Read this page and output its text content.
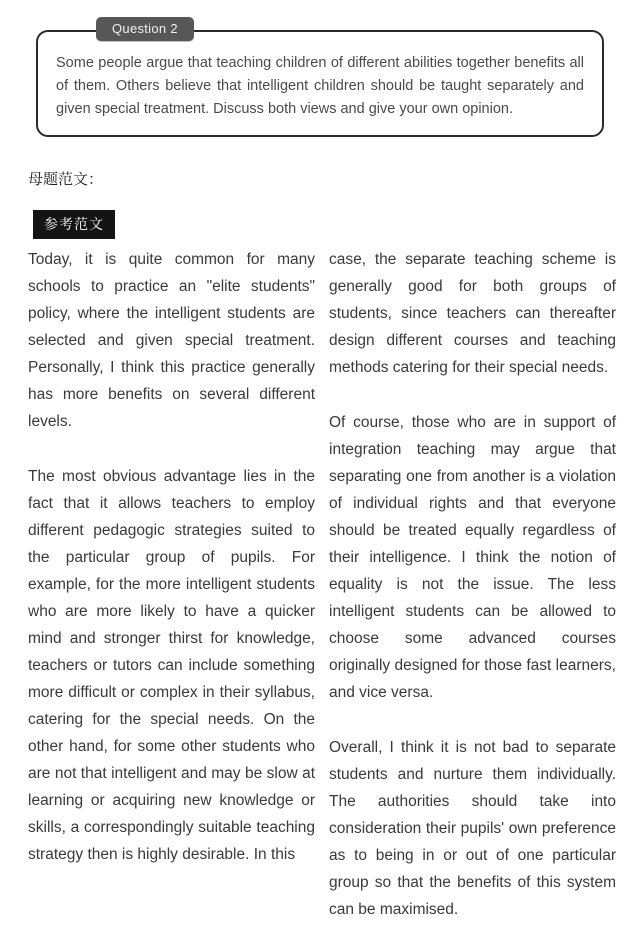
Question 2

Some people argue that teaching children of different abilities together benefits all of them. Others believe that intelligent children should be taught separately and given special treatment. Discuss both views and give your own opinion.

母题范文：
参考范文

Today, it is quite common for many schools to practice an "elite students" policy, where the intelligent students are selected and given special treatment. Personally, I think this practice generally has more benefits on several different levels.

The most obvious advantage lies in the fact that it allows teachers to employ different pedagogic strategies suited to the particular group of pupils. For example, for the more intelligent students who are more likely to have a quicker mind and stronger thirst for knowledge, teachers or tutors can include something more difficult or complex in their syllabus, catering for the special needs. On the other hand, for some other students who are not that intelligent and may be slow at learning or acquiring new knowledge or skills, a correspondingly suitable teaching strategy then is highly desirable. In this

case, the separate teaching scheme is generally good for both groups of students, since teachers can thereafter design different courses and teaching methods catering for their special needs.

Of course, those who are in support of integration teaching may argue that separating one from another is a violation of individual rights and that everyone should be treated equally regardless of their intelligence. I think the notion of equality is not the issue. The less intelligent students can be allowed to choose some advanced courses originally designed for those fast learners, and vice versa.

Overall, I think it is not bad to separate students and nurture them individually. The authorities should take into consideration their pupils' own preference as to being in or out of one particular group so that the benefits of this system can be maximised.
